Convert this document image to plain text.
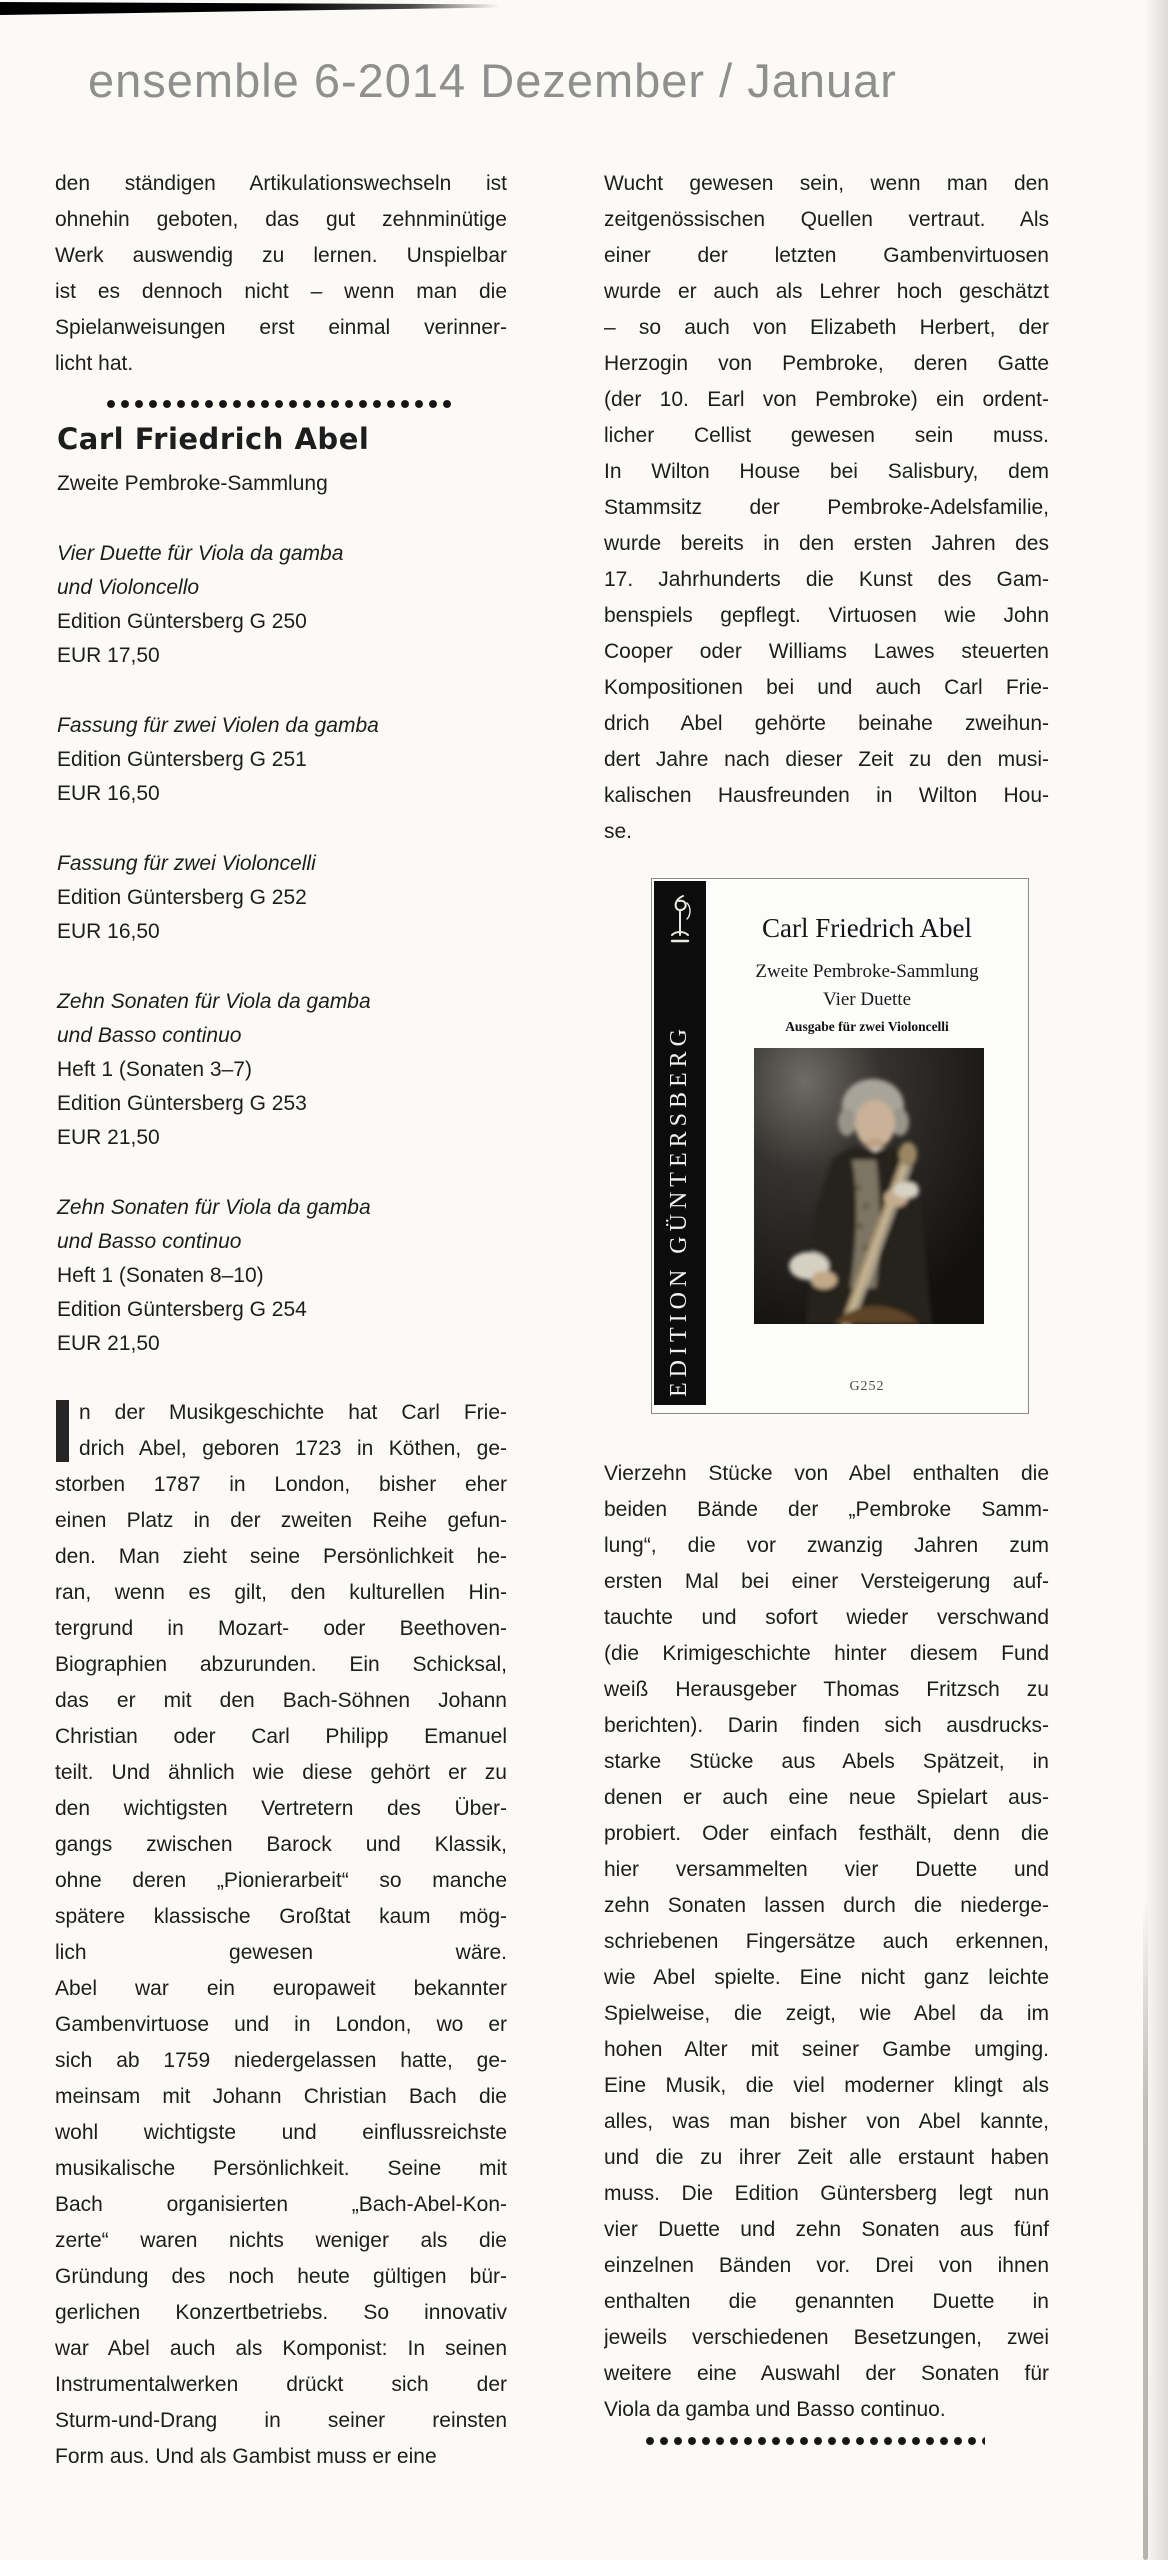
ensemble 6-2014 Dezember / Januar
den ständigen Artikulationswechseln ist
ohnehin geboten, das gut zehnminütige
Werk auswendig zu lernen. Unspielbar
ist es dennoch nicht – wenn man die
Spielanweisungen erst einmal verinner-
licht hat.
Carl Friedrich Abel
Zweite Pembroke-Sammlung
Vier Duette für Viola da gamba
und Violoncello
Edition Güntersberg G 250
EUR 17,50
Fassung für zwei Violen da gamba
Edition Güntersberg G 251
EUR 16,50
Fassung für zwei Violoncelli
Edition Güntersberg G 252
EUR 16,50
Zehn Sonaten für Viola da gamba
und Basso continuo
Heft 1 (Sonaten 3–7)
Edition Güntersberg G 253
EUR 21,50
Zehn Sonaten für Viola da gamba
und Basso continuo
Heft 1 (Sonaten 8–10)
Edition Güntersberg G 254
EUR 21,50
n der Musikgeschichte hat Carl Frie-
drich Abel, geboren 1723 in Köthen, ge-
storben 1787 in London, bisher eher
einen Platz in der zweiten Reihe gefun-
den. Man zieht seine Persönlichkeit he-
ran, wenn es gilt, den kulturellen Hin-
tergrund in Mozart- oder Beethoven-
Biographien abzurunden. Ein Schicksal,
das er mit den Bach-Söhnen Johann
Christian oder Carl Philipp Emanuel
teilt. Und ähnlich wie diese gehört er zu
den wichtigsten Vertretern des Über-
gangs zwischen Barock und Klassik,
ohne deren „Pionierarbeit“ so manche
spätere klassische Großtat kaum mög-
lich gewesen wäre.
Abel war ein europaweit bekannter
Gambenvirtuose und in London, wo er
sich ab 1759 niedergelassen hatte, ge-
meinsam mit Johann Christian Bach die
wohl wichtigste und einflussreichste
musikalische Persönlichkeit. Seine mit
Bach organisierten „Bach-Abel-Kon-
zerte“ waren nichts weniger als die
Gründung des noch heute gültigen bür-
gerlichen Konzertbetriebs. So innovativ
war Abel auch als Komponist: In seinen
Instrumentalwerken drückt sich der
Sturm-und-Drang in seiner reinsten
Form aus. Und als Gambist muss er eine
Wucht gewesen sein, wenn man den
zeitgenössischen Quellen vertraut. Als
einer der letzten Gambenvirtuosen
wurde er auch als Lehrer hoch geschätzt
– so auch von Elizabeth Herbert, der
Herzogin von Pembroke, deren Gatte
(der 10. Earl von Pembroke) ein ordent-
licher Cellist gewesen sein muss.
In Wilton House bei Salisbury, dem
Stammsitz der Pembroke-Adelsfamilie,
wurde bereits in den ersten Jahren des
17. Jahrhunderts die Kunst des Gam-
benspiels gepflegt. Virtuosen wie John
Cooper oder Williams Lawes steuerten
Kompositionen bei und auch Carl Frie-
drich Abel gehörte beinahe zweihun-
dert Jahre nach dieser Zeit zu den musi-
kalischen Hausfreunden in Wilton Hou-
se.
EDITION GÜNTERSBERG
Carl Friedrich Abel
Zweite Pembroke-Sammlung
Vier Duette
Ausgabe für zwei Violoncelli
G252
Vierzehn Stücke von Abel enthalten die
beiden Bände der „Pembroke Samm-
lung“, die vor zwanzig Jahren zum
ersten Mal bei einer Versteigerung auf-
tauchte und sofort wieder verschwand
(die Krimigeschichte hinter diesem Fund
weiß Herausgeber Thomas Fritzsch zu
berichten). Darin finden sich ausdrucks-
starke Stücke aus Abels Spätzeit, in
denen er auch eine neue Spielart aus-
probiert. Oder einfach festhält, denn die
hier versammelten vier Duette und
zehn Sonaten lassen durch die niederge-
schriebenen Fingersätze auch erkennen,
wie Abel spielte. Eine nicht ganz leichte
Spielweise, die zeigt, wie Abel da im
hohen Alter mit seiner Gambe umging.
Eine Musik, die viel moderner klingt als
alles, was man bisher von Abel kannte,
und die zu ihrer Zeit alle erstaunt haben
muss. Die Edition Güntersberg legt nun
vier Duette und zehn Sonaten aus fünf
einzelnen Bänden vor. Drei von ihnen
enthalten die genannten Duette in
jeweils verschiedenen Besetzungen, zwei
weitere eine Auswahl der Sonaten für
Viola da gamba und Basso continuo.
